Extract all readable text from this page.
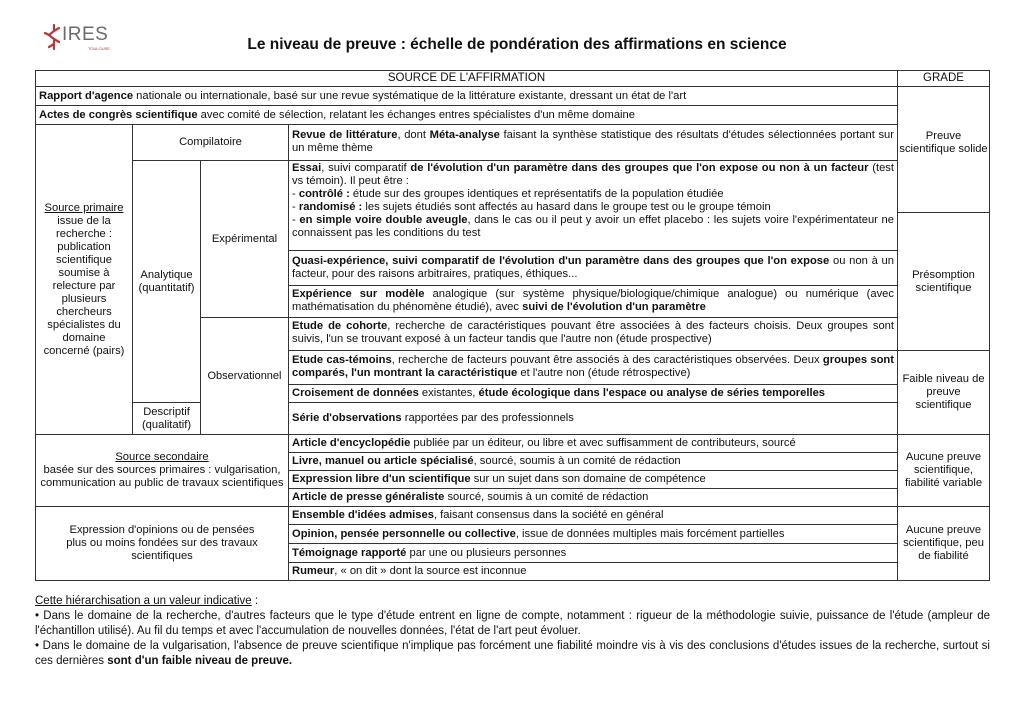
IRES
TOULOUSE	Le niveau de preuve : échelle de pondération des affirmations en science
SOURCE DE L'AFFIRMATION	GRADE
Rapport d'agence nationale ou internationale, basé sur une revue systématique de la littérature existante, dressant un état de l'art
Actes de congrès scientifique avec comité de sélection, relatant les échanges entres spécialistes d'un même domaine
Source primaire
issue de la recherche : publication scientifique soumise à relecture par plusieurs chercheurs spécialistes du domaine concerné (pairs)
Compilatoire
Analytique (quantitatif)
Descriptif (qualitatif)
Expérimental
Observationnel
Revue de littérature, dont Méta-analyse faisant la synthèse statistique des résultats d'études sélectionnées portant sur un même thème
Essai, suivi comparatif de l'évolution d'un paramètre dans des groupes que l'on expose ou non à un facteur (test vs témoin). Il peut être :
- contrôlé : étude sur des groupes identiques et représentatifs de la population étudiée
- randomisé : les sujets étudiés sont affectés au hasard dans le groupe test ou le groupe témoin
- en simple voire double aveugle, dans le cas ou il peut y avoir un effet placebo : les sujets voire l'expérimentateur ne connaissent pas les conditions du test
Quasi-expérience, suivi comparatif de l'évolution d'un paramètre dans des groupes que l'on expose ou non à un facteur, pour des raisons arbitraires, pratiques, éthiques...
Expérience sur modèle analogique (sur système physique/biologique/chimique analogue) ou numérique (avec mathématisation du phénomène étudié), avec suivi de l'évolution d'un paramètre
Etude de cohorte, recherche de caractéristiques pouvant être associées à des facteurs choisis. Deux groupes sont suivis, l'un se trouvant exposé à un facteur tandis que l'autre non (étude prospective)
Etude cas-témoins, recherche de facteurs pouvant être associés à des caractéristiques observées. Deux groupes sont comparés, l'un montrant la caractéristique et l'autre non (étude rétrospective)
Croisement de données existantes, étude écologique dans l'espace ou analyse de séries temporelles
Série d'observations rapportées par des professionnels
Source secondaire
basée sur des sources primaires : vulgarisation, communication au public de travaux scientifiques
Article d'encyclopédie publiée par un éditeur, ou libre et avec suffisamment de contributeurs, sourcé
Livre, manuel ou article spécialisé, sourcé, soumis à un comité de rédaction
Expression libre d'un scientifique sur un sujet dans son domaine de compétence
Article de presse généraliste sourcé, soumis à un comité de rédaction
Expression d'opinions ou de pensées
plus ou moins fondées sur des travaux scientifiques
Ensemble d'idées admises, faisant consensus dans la société en général
Opinion, pensée personnelle ou collective, issue de données multiples mais forcément partielles
Témoignage rapporté par une ou plusieurs personnes
Rumeur, « on dit » dont la source est inconnue
Preuve scientifique solide
Présomption scientifique
Faible niveau de preuve scientifique
Aucune preuve scientifique, fiabilité variable
Aucune preuve scientifique, peu de fiabilité
Cette hiérarchisation a un valeur indicative :
• Dans le domaine de la recherche, d'autres facteurs que le type d'étude entrent en ligne de compte, notamment : rigueur de la méthodologie suivie, puissance de l'étude (ampleur de l'échantillon utilisé). Au fil du temps et avec l'accumulation de nouvelles données, l'état de l'art peut évoluer.
• Dans le domaine de la vulgarisation, l'absence de preuve scientifique n'implique pas forcément une fiabilité moindre vis à vis des conclusions d'études issues de la recherche, surtout si ces dernières sont d'un faible niveau de preuve.
